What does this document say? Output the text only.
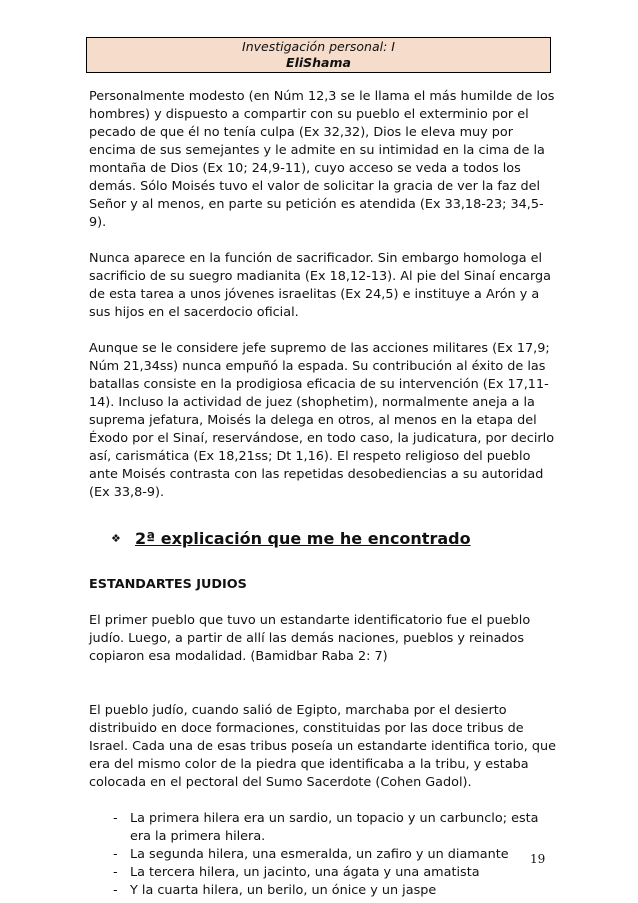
Investigación personal: I
EliShama

Personalmente modesto (en Núm 12,3 se le llama el más humilde de los hombres) y dispuesto a compartir con su pueblo el exterminio por el pecado de que él no tenía culpa (Ex 32,32), Dios le eleva muy por encima de sus semejantes y le admite en su intimidad en la cima de la montaña de Dios (Ex 10; 24,9-11), cuyo acceso se veda a todos los demás. Sólo Moisés tuvo el valor de solicitar la gracia de ver la faz del Señor y al menos, en parte su petición es atendida (Ex 33,18-23; 34,5-9).

Nunca aparece en la función de sacrificador. Sin embargo homologa el sacrificio de su suegro madianita (Ex 18,12-13). Al pie del Sinaí encarga de esta tarea a unos jóvenes israelitas (Ex 24,5) e instituye a Arón y a sus hijos en el sacerdocio oficial.

Aunque se le considere jefe supremo de las acciones militares (Ex 17,9; Núm 21,34ss) nunca empuñó la espada. Su contribución al éxito de las batallas consiste en la prodigiosa eficacia de su intervención (Ex 17,11-14). Incluso la actividad de juez (shophetim), normalmente aneja a la suprema jefatura, Moisés la delega en otros, al menos en la etapa del Éxodo por el Sinaí, reservándose, en todo caso, la judicatura, por decirlo así, carismática (Ex 18,21ss; Dt 1,16). El respeto religioso del pueblo ante Moisés contrasta con las repetidas desobediencias a su autoridad (Ex 33,8-9).

❖ 2ª explicación que me he encontrado
ESTANDARTES JUDIOS

El primer pueblo que tuvo un estandarte identificatorio fue el pueblo judío. Luego, a partir de allí las demás naciones, pueblos y reinados copiaron esa modalidad. (Bamidbar Raba 2: 7)

El pueblo judío, cuando salió de Egipto, marchaba por el desierto distribuido en doce formaciones, constituidas por las doce tribus de Israel. Cada una de esas tribus poseía un estandarte identifica torio, que era del mismo color de la piedra que identificaba a la tribu, y estaba colocada en el pectoral del Sumo Sacerdote (Cohen Gadol).

- La primera hilera era un sardio, un topacio y un carbunclo; esta era la primera hilera.
- La segunda hilera, una esmeralda, un zafiro y un diamante
- La tercera hilera, un jacinto, una ágata y una amatista
- Y la cuarta hilera, un berilo, un ónice y un jaspe
19
